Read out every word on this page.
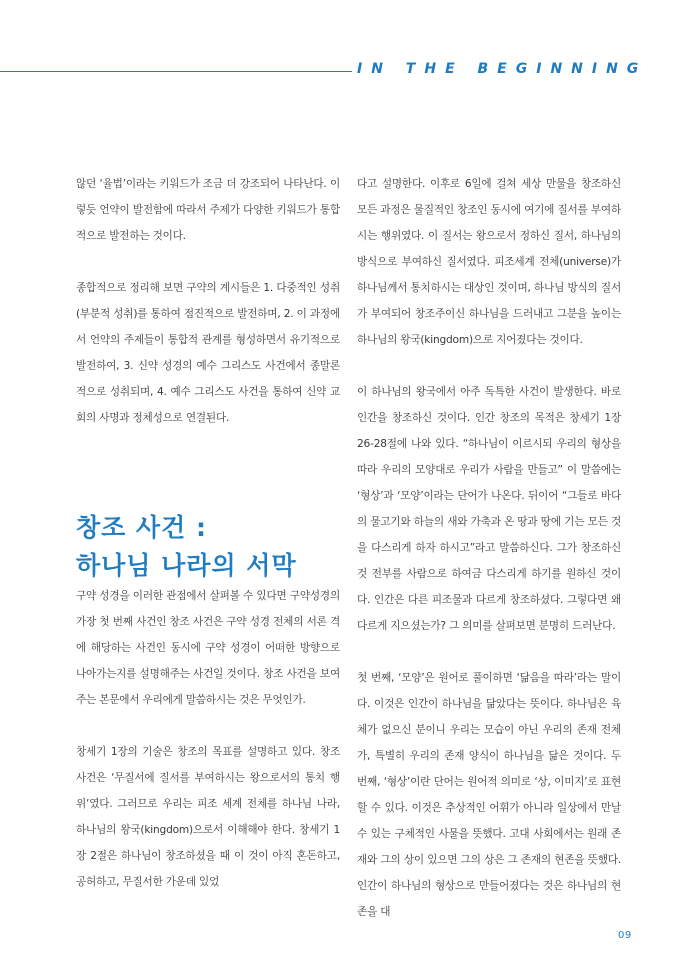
IN THE BEGINNING

않던 ‘율법’이라는 키워드가 조금 더 강조되어 나타난다. 이렇듯 언약이 발전함에 따라서 주제가 다양한 키워드가 통합적으로 발전하는 것이다.

종합적으로 정리해 보면 구약의 계시들은 1. 다중적인 성취(부분적 성취)를 통하여 점진적으로 발전하며, 2. 이 과정에서 언약의 주제들이 통합적 관계를 형성하면서 유기적으로 발전하여, 3. 신약 성경의 예수 그리스도 사건에서 종말론적으로 성취되며, 4. 예수 그리스도 사건을 통하여 신약 교회의 사명과 정체성으로 연결된다.

창조 사건 :
하나님 나라의 서막

구약 성경을 이러한 관점에서 살펴볼 수 있다면 구약성경의 가장 첫 번째 사건인 창조 사건은 구약 성경 전체의 서론 격에 해당하는 사건인 동시에 구약 성경이 어떠한 방향으로 나아가는지를 설명해주는 사건일 것이다. 창조 사건을 보여주는 본문에서 우리에게 말씀하시는 것은 무엇인가.

창세기 1장의 기술은 창조의 목표를 설명하고 있다. 창조 사건은 ‘무질서에 질서를 부여하시는 왕으로서의 통치 행위’였다. 그러므로 우리는 피조 세계 전체를 하나님 나라, 하나님의 왕국(kingdom)으로서 이해해야 한다. 창세기 1장 2절은 하나님이 창조하셨을 때 이 것이 아직 혼돈하고, 공허하고, 무질서한 가운데 있었

다고 설명한다. 이후로 6일에 걸쳐 세상 만물을 창조하신 모든 과정은 물질적인 창조인 동시에 여기에 질서를 부여하시는 행위였다. 이 질서는 왕으로서 정하신 질서, 하나님의 방식으로 부여하신 질서였다. 피조세계 전체(universe)가 하나님께서 통치하시는 대상인 것이며, 하나님 방식의 질서가 부여되어 창조주이신 하나님을 드러내고 그분을 높이는 하나님의 왕국(kingdom)으로 지어졌다는 것이다.

이 하나님의 왕국에서 아주 독특한 사건이 발생한다. 바로 인간을 창조하신 것이다. 인간 창조의 목적은 창세기 1장 26-28절에 나와 있다. “하나님이 이르시되 우리의 형상을 따라 우리의 모양대로 우리가 사람을 만들고” 이 말씀에는 ‘형상’과 ‘모양’이라는 단어가 나온다. 뒤이어 “그들로 바다의 물고기와 하늘의 새와 가축과 온 땅과 땅에 기는 모든 것을 다스리게 하자 하시고”라고 말씀하신다. 그가 창조하신 것 전부를 사람으로 하여금 다스리게 하기를 원하신 것이다. 인간은 다른 피조물과 다르게 창조하셨다. 그렇다면 왜 다르게 지으셨는가? 그 의미를 살펴보면 분명히 드러난다.

첫 번째, ‘모양’은 원어로 풀이하면 ‘닮음을 따라’라는 말이다. 이것은 인간이 하나님을 닮았다는 뜻이다. 하나님은 육체가 없으신 분이니 우리는 모습이 아닌 우리의 존재 전체가, 특별히 우리의 존재 양식이 하나님을 닮은 것이다. 두 번째, ‘형상’이란 단어는 원어적 의미로 ‘상, 이미지’로 표현할 수 있다. 이것은 추상적인 어휘가 아니라 일상에서 만날 수 있는 구체적인 사물을 뜻했다. 고대 사회에서는 원래 존재와 그의 상이 있으면 그의 상은 그 존재의 현존을 뜻했다. 인간이 하나님의 형상으로 만들어졌다는 것은 하나님의 현존을 대

09
